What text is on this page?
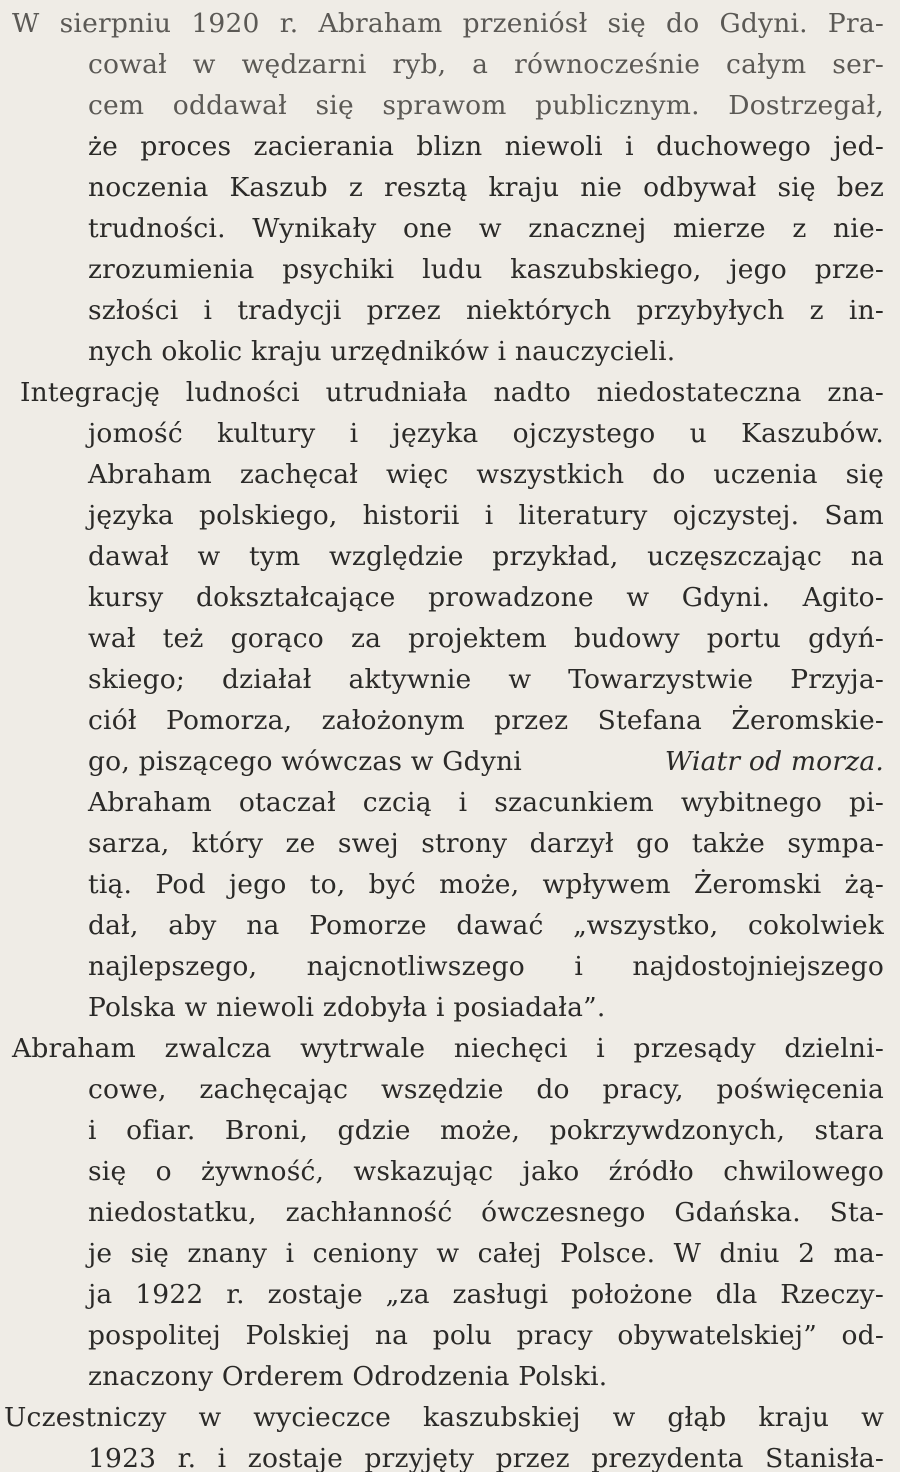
W sierpniu 1920 r. Abraham przeniósł się do Gdyni. Pra-
cował w wędzarni ryb, a równocześnie całym ser-
cem oddawał się sprawom publicznym. Dostrzegał,
że proces zacierania blizn niewoli i duchowego jed-
noczenia Kaszub z resztą kraju nie odbywał się bez
trudności. Wynikały one w znacznej mierze z nie-
zrozumienia psychiki ludu kaszubskiego, jego prze-
szłości i tradycji przez niektórych przybyłych z in-
nych okolic kraju urzędników i nauczycieli.
Integrację ludności utrudniała nadto niedostateczna zna-
jomość kultury i języka ojczystego u Kaszubów.
Abraham zachęcał więc wszystkich do uczenia się
języka polskiego, historii i literatury ojczystej. Sam
dawał w tym względzie przykład, uczęszczając na
kursy dokształcające prowadzone w Gdyni. Agito-
wał też gorąco za projektem budowy portu gdyń-
skiego; działał aktywnie w Towarzystwie Przyja-
ciół Pomorza, założonym przez Stefana Żeromskie-
go, piszącego wówczas w Gdyni	Wiatr od morza.
Abraham otaczał czcią i szacunkiem wybitnego pi-
sarza, który ze swej strony darzył go także sympa-
tią. Pod jego to, być może, wpływem Żeromski żą-
dał, aby na Pomorze dawać „wszystko, cokolwiek
najlepszego, najcnotliwszego i najdostojniejszego
Polska w niewoli zdobyła i posiadała”.
Abraham zwalcza wytrwale niechęci i przesądy dzielni-
cowe, zachęcając wszędzie do pracy, poświęcenia
i ofiar. Broni, gdzie może, pokrzywdzonych, stara
się o żywność, wskazując jako źródło chwilowego
niedostatku, zachłanność ówczesnego Gdańska. Sta-
je się znany i ceniony w całej Polsce. W dniu 2 ma-
ja 1922 r. zostaje „za zasługi położone dla Rzeczy-
pospolitej Polskiej na polu pracy obywatelskiej” od-
znaczony Orderem Odrodzenia Polski.
Uczestniczy w wycieczce kaszubskiej w głąb kraju w
1923 r. i zostaje przyjęty przez prezydenta Stanisła-
